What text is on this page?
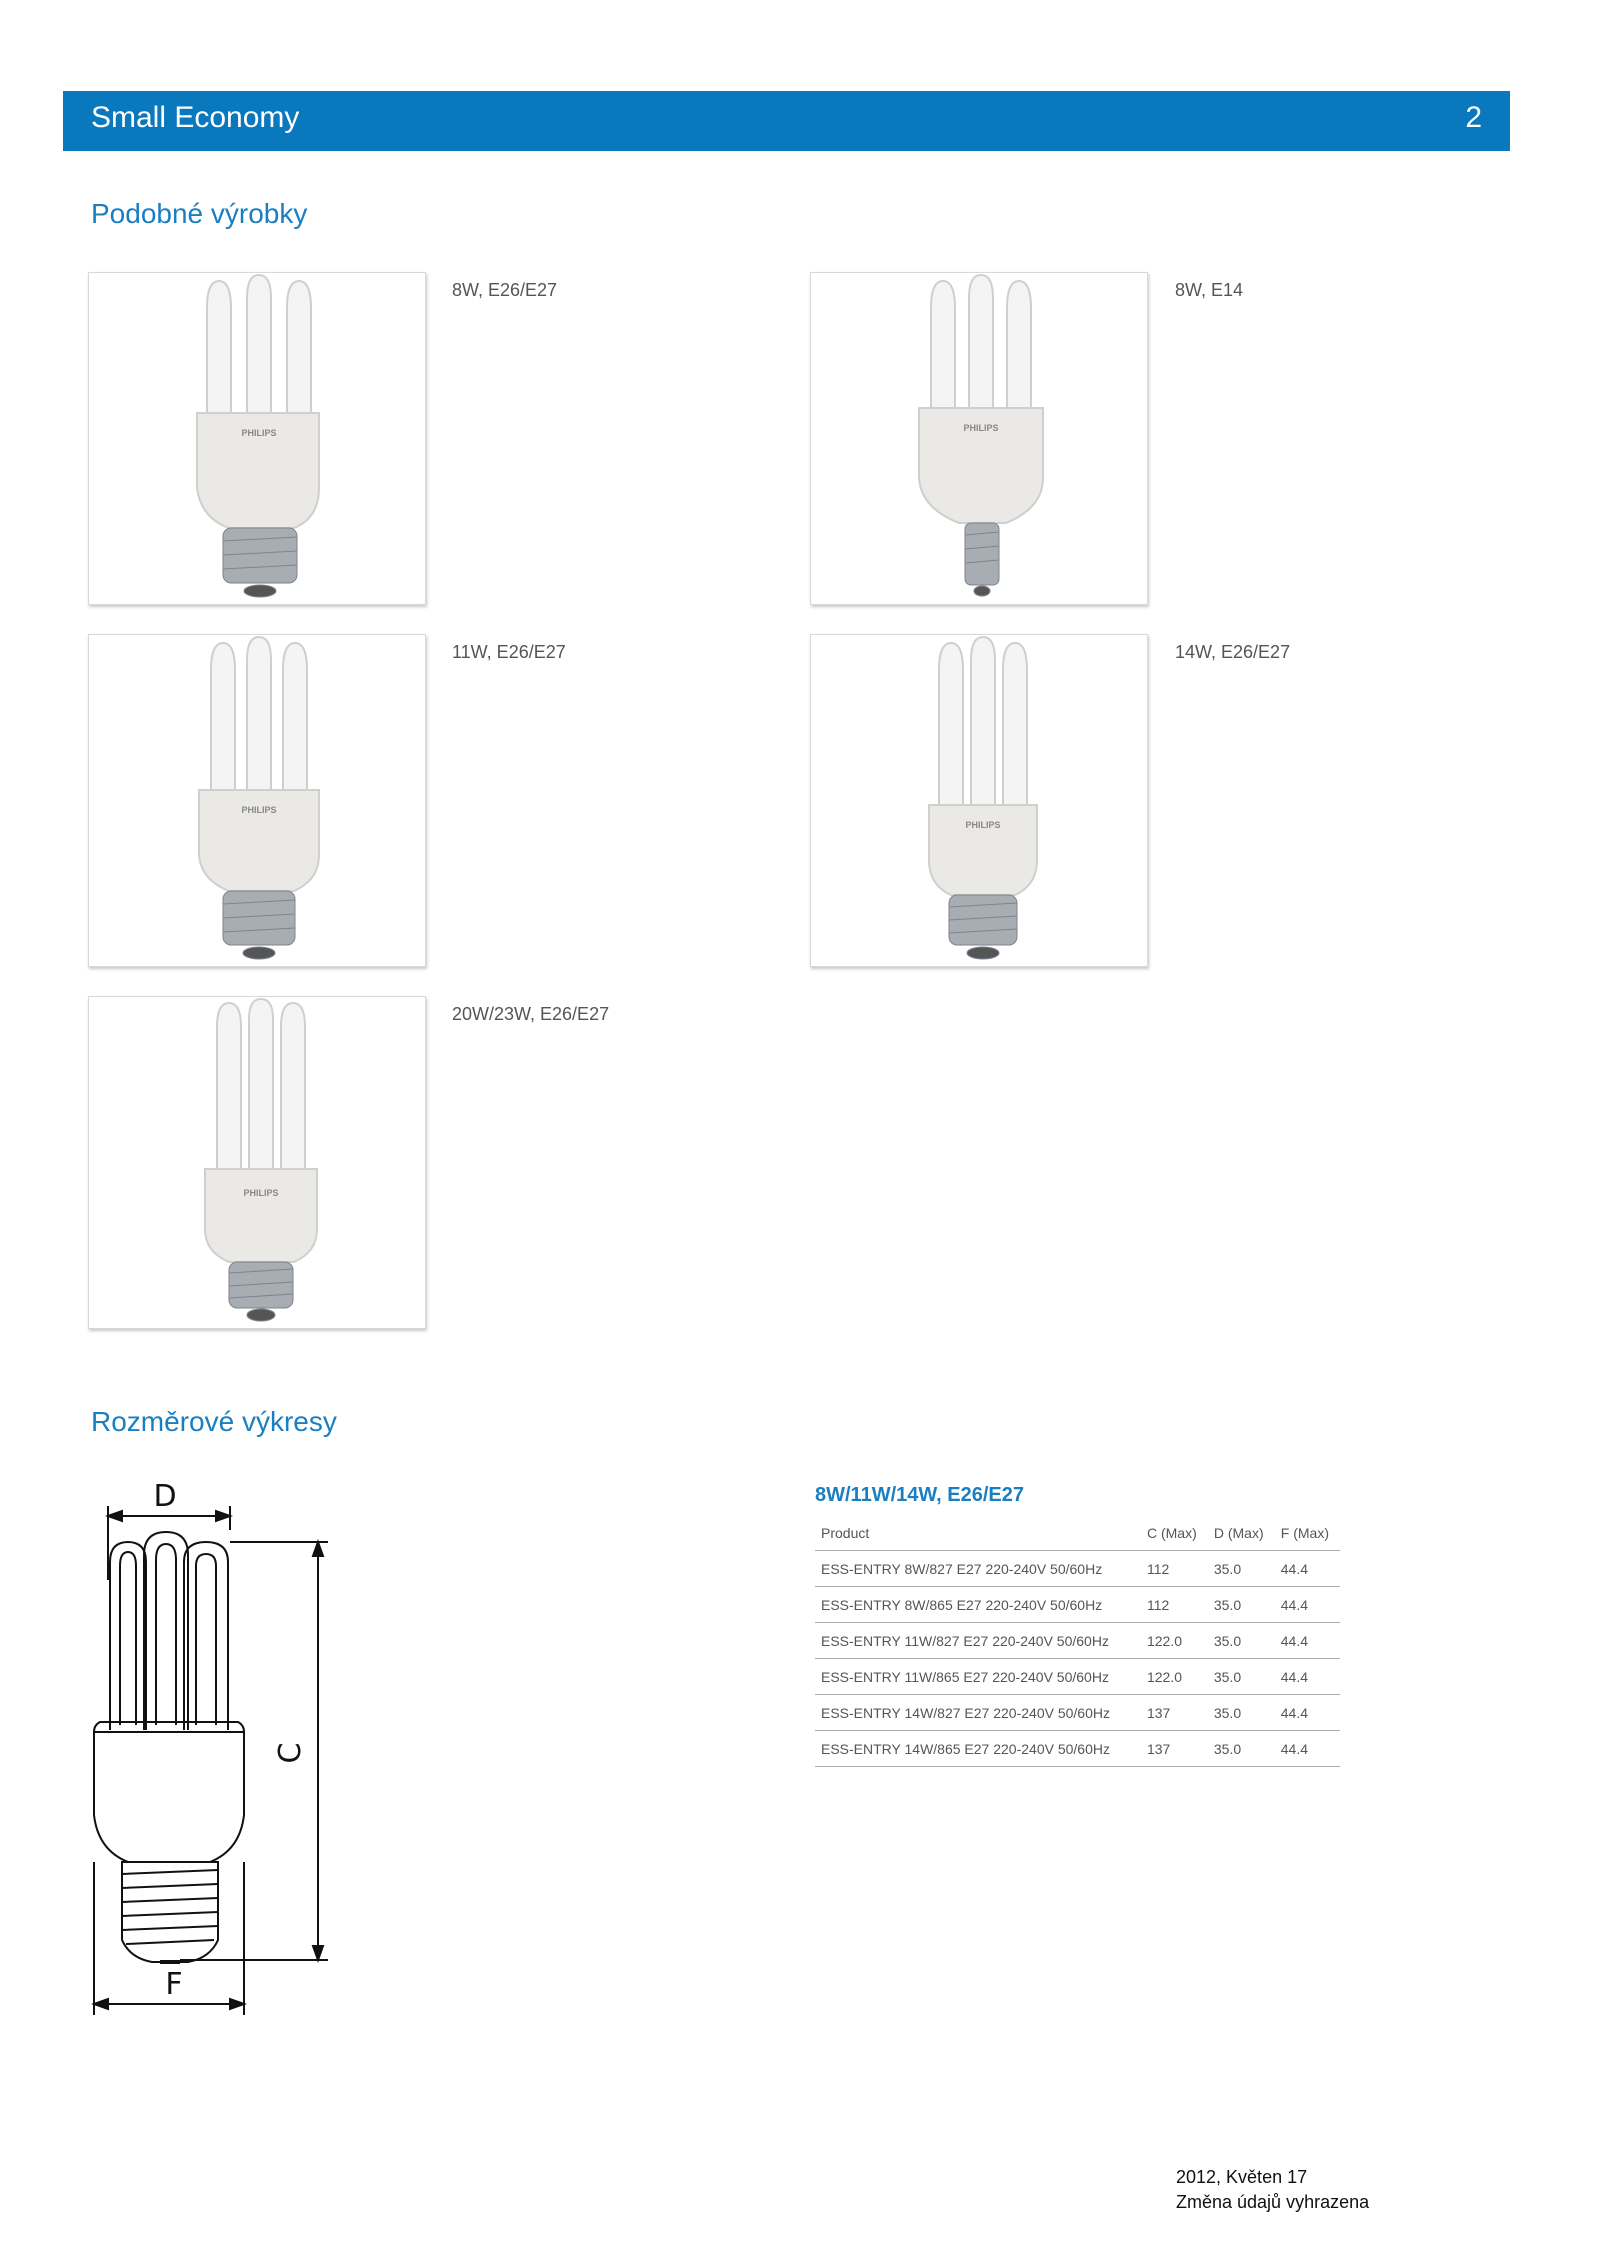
Small Economy	2
Podobné výrobky
PHILIPS
8W, E26/E27
PHILIPS
8W, E14
PHILIPS
11W, E26/E27
PHILIPS
14W, E26/E27
PHILIPS
20W/23W, E26/E27
Rozměrové výkresy
D
C
F
8W/11W/14W, E26/E27
Product	C (Max)	D (Max)	F (Max)
ESS-ENTRY 8W/827 E27 220-240V 50/60Hz	112	35.0	44.4
ESS-ENTRY 8W/865 E27 220-240V 50/60Hz	112	35.0	44.4
ESS-ENTRY 11W/827 E27 220-240V 50/60Hz	122.0	35.0	44.4
ESS-ENTRY 11W/865 E27 220-240V 50/60Hz	122.0	35.0	44.4
ESS-ENTRY 14W/827 E27 220-240V 50/60Hz	137	35.0	44.4
ESS-ENTRY 14W/865 E27 220-240V 50/60Hz	137	35.0	44.4
2012, Květen 17
Změna údajů vyhrazena
